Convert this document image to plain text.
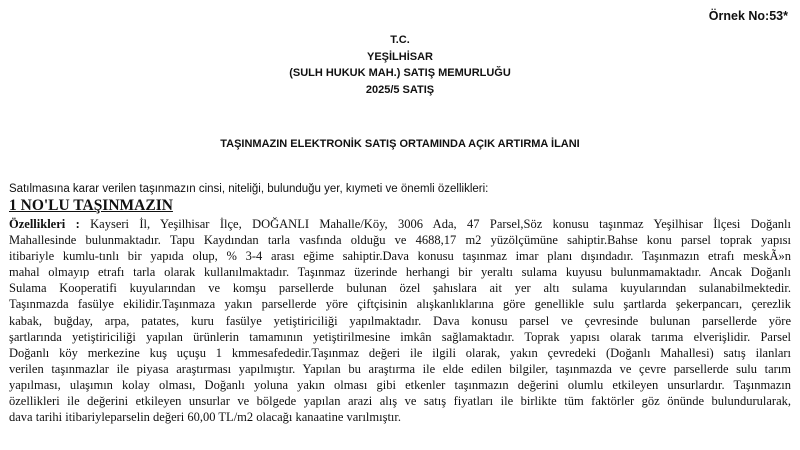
Örnek No:53*
T.C.
YEŞİLHİSAR
(SULH HUKUK MAH.) SATIŞ MEMURLUĞU
2025/5 SATIŞ
TAŞINMAZIN ELEKTRONİK SATIŞ ORTAMINDA AÇIK ARTIRMA İLANI
Satılmasına karar verilen taşınmazın cinsi, niteliği, bulunduğu yer, kıymeti ve önemli özellikleri:
1 NO'LU TAŞINMAZIN
Özellikleri : Kayseri İl, Yeşilhisar İlçe, DOĞANLI Mahalle/Köy, 3006 Ada, 47 Parsel,Söz konusu taşınmaz Yeşilhisar İlçesi Doğanlı
Mahallesinde bulunmaktadır. Tapu Kaydından tarla vasfında olduğu ve 4688,17 m2 yüzölçümüne sahiptir.Bahse konu parsel toprak yapısı
itibariyle kumlu-tınlı bir yapıda olup, % 3-4 arası eğime sahiptir.Dava konusu taşınmaz imar planı dışındadır. Taşınmazın etrafı meskÃ»n
mahal olmayıp etrafı tarla olarak kullanılmaktadır. Taşınmaz üzerinde herhangi bir yeraltı sulama kuyusu bulunmamaktadır. Ancak Doğanlı
Sulama Kooperatifi kuyularından ve komşu parsellerde bulunan özel şahıslara ait yer altı sulama kuyularından sulanabilmektedir.
Taşınmazda fasülye ekilidir.Taşınmaza yakın parsellerde yöre çiftçisinin alışkanlıklarına göre genellikle sulu şartlarda şekerpancarı, çerezlik
kabak, buğday, arpa, patates, kuru fasülye yetiştiriciliği yapılmaktadır. Dava konusu parsel ve çevresinde bulunan parsellerde yöre
şartlarında yetiştiriciliği yapılan ürünlerin tamamının yetiştirilmesine imkân sağlamaktadır. Toprak yapısı olarak tarıma elverişlidir. Parsel
Doğanlı köy merkezine kuş uçuşu 1 kmmesafededir.Taşınmaz değeri ile ilgili olarak, yakın çevredeki (Doğanlı Mahallesi) satış ilanları
verilen taşınmazlar ile piyasa araştırması yapılmıştır. Yapılan bu araştırma ile elde edilen bilgiler, taşınmazda ve çevre parsellerde sulu tarım
yapılması, ulaşımın kolay olması, Doğanlı yoluna yakın olması gibi etkenler taşınmazın değerini olumlu etkileyen unsurlardır. Taşınmazın
özellikleri ile değerini etkileyen unsurlar ve bölgede yapılan arazi alış ve satış fiyatları ile birlikte tüm faktörler göz önünde bulundurularak,
dava tarihi itibariyleparselin değeri 60,00 TL/m2 olacağı kanaatine varılmıştır.
